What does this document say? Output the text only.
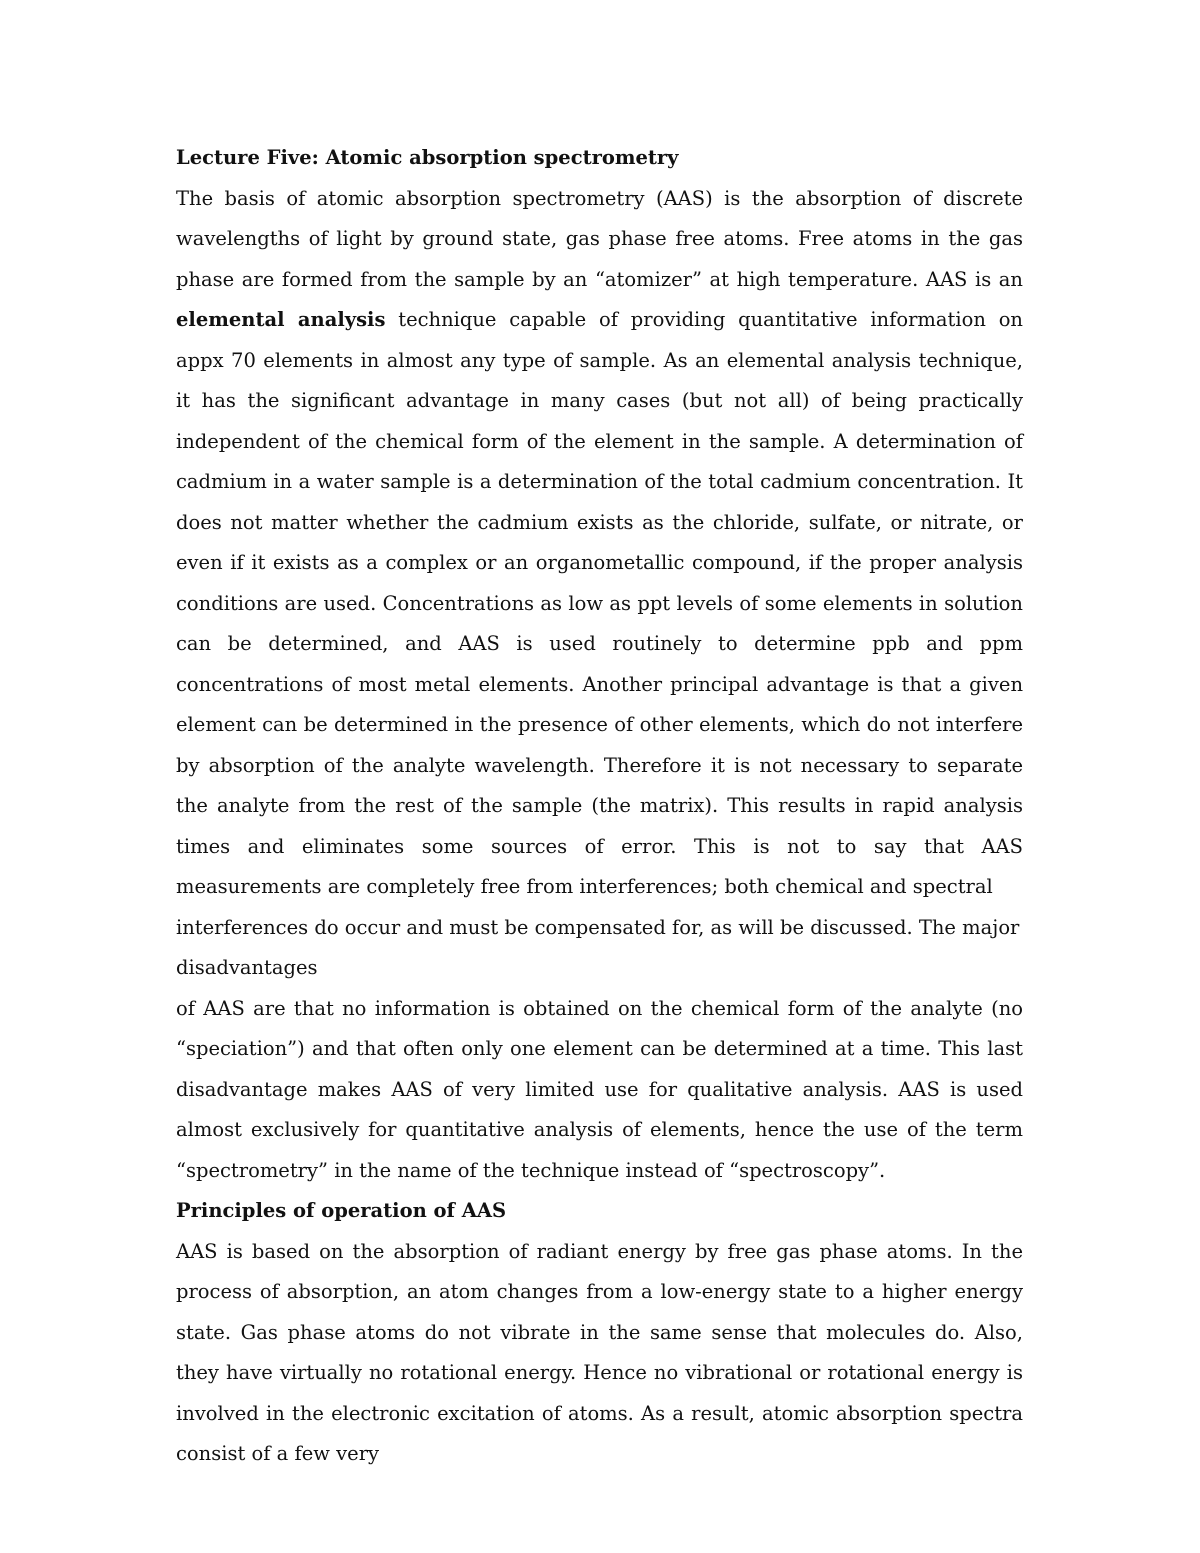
Lecture Five: Atomic absorption spectrometry

The basis of atomic absorption spectrometry (AAS) is the absorption of discrete wavelengths of light by ground state, gas phase free atoms. Free atoms in the gas phase are formed from the sample by an “atomizer” at high temperature. AAS is an elemental analysis technique capable of providing quantitative information on appx 70 elements in almost any type of sample. As an elemental analysis technique, it has the significant advantage in many cases (but not all) of being practically independent of the chemical form of the element in the sample. A determination of cadmium in a water sample is a determination of the total cadmium concentration. It does not matter whether the cadmium exists as the chloride, sulfate, or nitrate, or even if it exists as a complex or an organometallic compound, if the proper analysis conditions are used. Concentrations as low as ppt levels of some elements in solution can be determined, and AAS is used routinely to determine ppb and ppm concentrations of most metal elements. Another principal advantage is that a given element can be determined in the presence of other elements, which do not interfere by absorption of the analyte wavelength. Therefore it is not necessary to separate the analyte from the rest of the sample (the matrix). This results in rapid analysis times and eliminates some sources of error. This is not to say that AAS measurements are completely free from interferences; both chemical and spectral

interferences do occur and must be compensated for, as will be discussed. The major

disadvantages

of AAS are that no information is obtained on the chemical form of the analyte (no “speciation”) and that often only one element can be determined at a time. This last disadvantage makes AAS of very limited use for qualitative analysis. AAS is used almost exclusively for quantitative analysis of elements, hence the use of the term “spectrometry” in the name of the technique instead of “spectroscopy”.

Principles of operation of AAS

AAS is based on the absorption of radiant energy by free gas phase atoms. In the process of absorption, an atom changes from a low-energy state to a higher energy state. Gas phase atoms do not vibrate in the same sense that molecules do. Also, they have virtually no rotational energy. Hence no vibrational or rotational energy is involved in the electronic excitation of atoms. As a result, atomic absorption spectra consist of a few very
